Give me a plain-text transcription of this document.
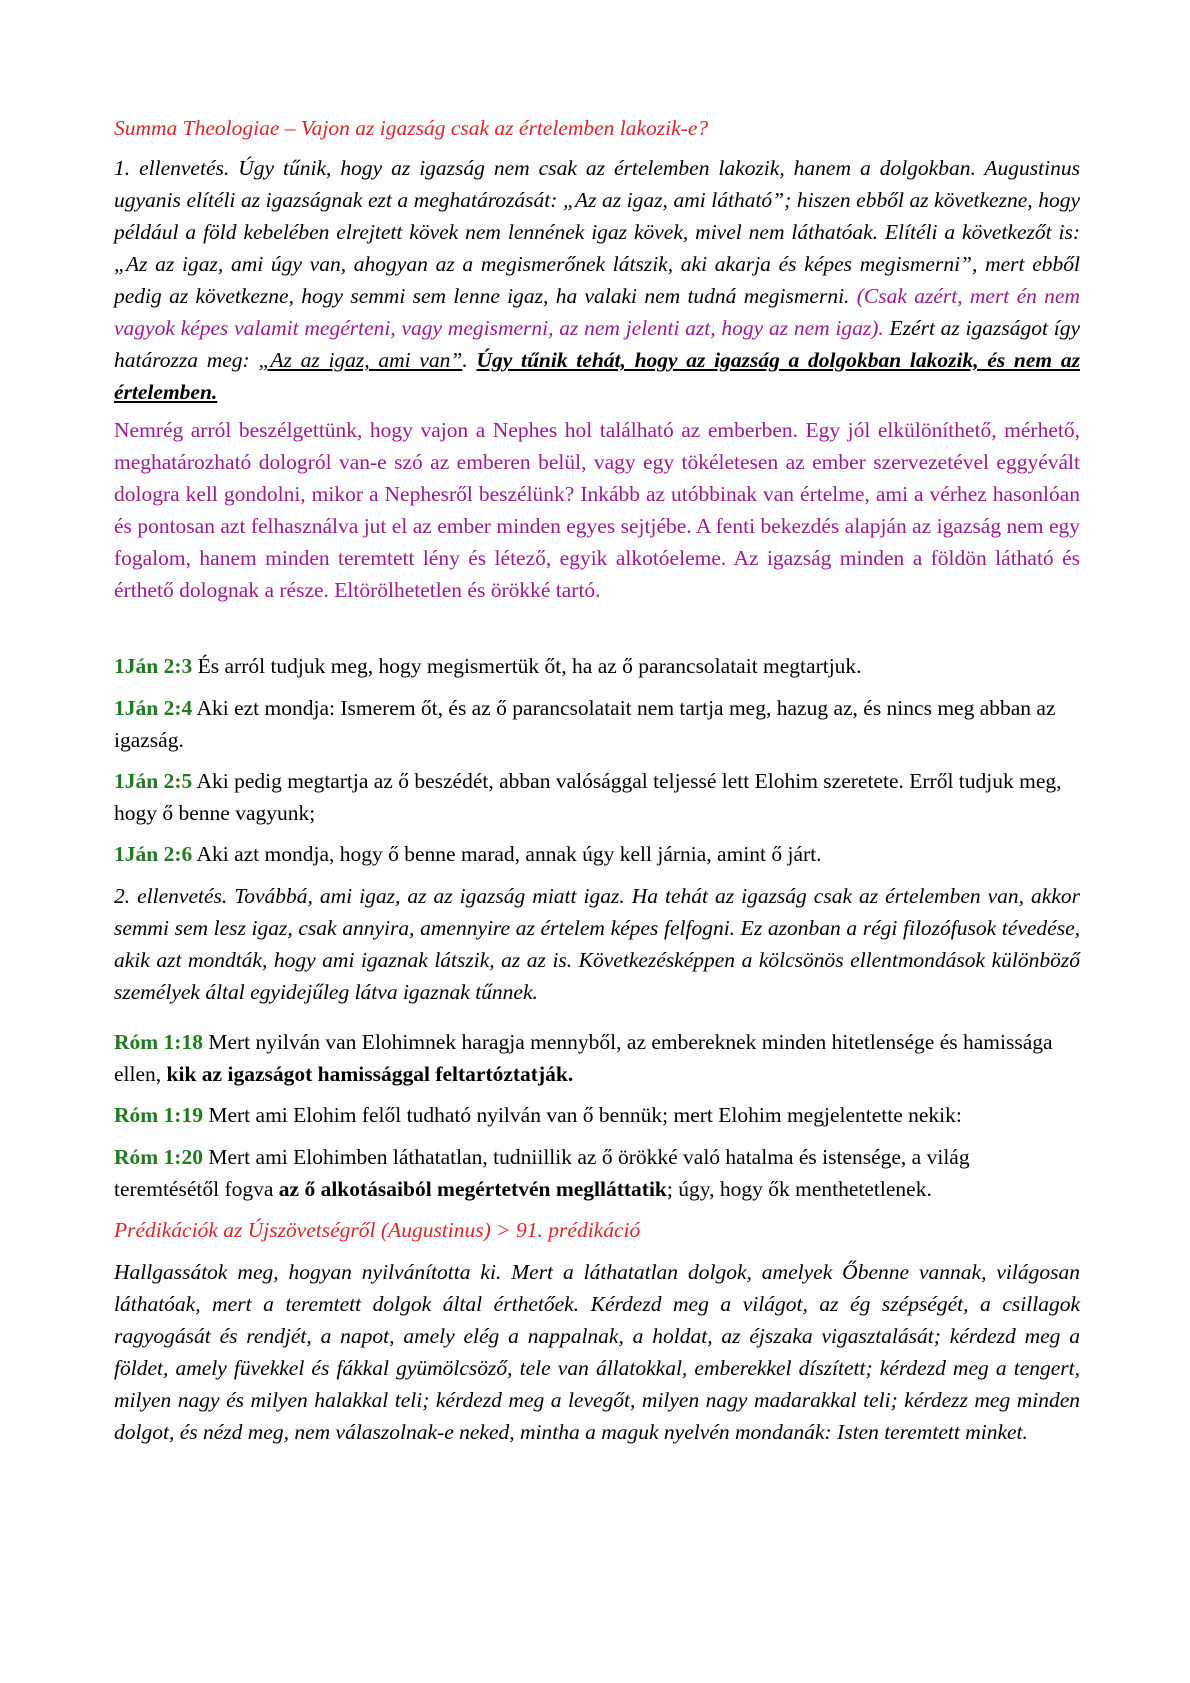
Summa Theologiae – Vajon az igazság csak az értelemben lakozik-e?

1. ellenvetés. Úgy tűnik, hogy az igazság nem csak az értelemben lakozik, hanem a dolgokban. Augustinus ugyanis elítéli az igazságnak ezt a meghatározását: „Az az igaz, ami látható”; hiszen ebből az következne, hogy például a föld kebelében elrejtett kövek nem lennének igaz kövek, mivel nem láthatóak. Elítéli a következőt is: „Az az igaz, ami úgy van, ahogyan az a megismerőnek látszik, aki akarja és képes megismerni”, mert ebből pedig az következne, hogy semmi sem lenne igaz, ha valaki nem tudná megismerni. (Csak azért, mert én nem vagyok képes valamit megérteni, vagy megismerni, az nem jelenti azt, hogy az nem igaz). Ezért az igazságot így határozza meg: „Az az igaz, ami van”. Úgy tűnik tehát, hogy az igazság a dolgokban lakozik, és nem az értelemben.

Nemrég arról beszélgettünk, hogy vajon a Nephes hol található az emberben. Egy jól elkülöníthető, mérhető, meghatározható dologról van-e szó az emberen belül, vagy egy tökéletesen az ember szervezetével eggyévált dologra kell gondolni, mikor a Nephesről beszélünk? Inkább az utóbbinak van értelme, ami a vérhez hasonlóan és pontosan azt felhasználva jut el az ember minden egyes sejtjébe. A fenti bekezdés alapján az igazság nem egy fogalom, hanem minden teremtett lény és létező, egyik alkotóeleme. Az igazság minden a földön látható és érthető dolognak a része. Eltörölhetetlen és örökké tartó.

1Ján 2:3 És arról tudjuk meg, hogy megismertük őt, ha az ő parancsolatait megtartjuk.

1Ján 2:4 Aki ezt mondja: Ismerem őt, és az ő parancsolatait nem tartja meg, hazug az, és nincs meg abban az igazság.

1Ján 2:5 Aki pedig megtartja az ő beszédét, abban valósággal teljessé lett Elohim szeretete. Erről tudjuk meg, hogy ő benne vagyunk;

1Ján 2:6 Aki azt mondja, hogy ő benne marad, annak úgy kell járnia, amint ő járt.

2. ellenvetés. Továbbá, ami igaz, az az igazság miatt igaz. Ha tehát az igazság csak az értelemben van, akkor semmi sem lesz igaz, csak annyira, amennyire az értelem képes felfogni. Ez azonban a régi filozófusok tévedése, akik azt mondták, hogy ami igaznak látszik, az az is. Következésképpen a kölcsönös ellentmondások különböző személyek által egyidejűleg látva igaznak tűnnek.

Róm 1:18 Mert nyilván van Elohimnek haragja mennyből, az embereknek minden hitetlensége és hamissága ellen, kik az igazságot hamissággal feltartóztatják.

Róm 1:19 Mert ami Elohim felől tudható nyilván van ő bennük; mert Elohim megjelentette nekik:

Róm 1:20 Mert ami Elohimben láthatatlan, tudniillik az ő örökké való hatalma és istensége, a világ teremtésétől fogva az ő alkotásaiból megértetvén meglláttatik; úgy, hogy ők menthetetlenek.

Prédikációk az Újszövetségről (Augustinus) > 91. prédikáció

Hallgassátok meg, hogyan nyilvánította ki. Mert a láthatatlan dolgok, amelyek Őbenne vannak, világosan láthatóak, mert a teremtett dolgok által érthetőek. Kérdezd meg a világot, az ég szépségét, a csillagok ragyogását és rendjét, a napot, amely elég a nappalnak, a holdat, az éjszaka vigasztalását; kérdezd meg a földet, amely füvekkel és fákkal gyümölcsöző, tele van állatokkal, emberekkel díszített; kérdezd meg a tengert, milyen nagy és milyen halakkal teli; kérdezd meg a levegőt, milyen nagy madarakkal teli; kérdezz meg minden dolgot, és nézd meg, nem válaszolnak-e neked, mintha a maguk nyelvén mondanák: Isten teremtett minket.
